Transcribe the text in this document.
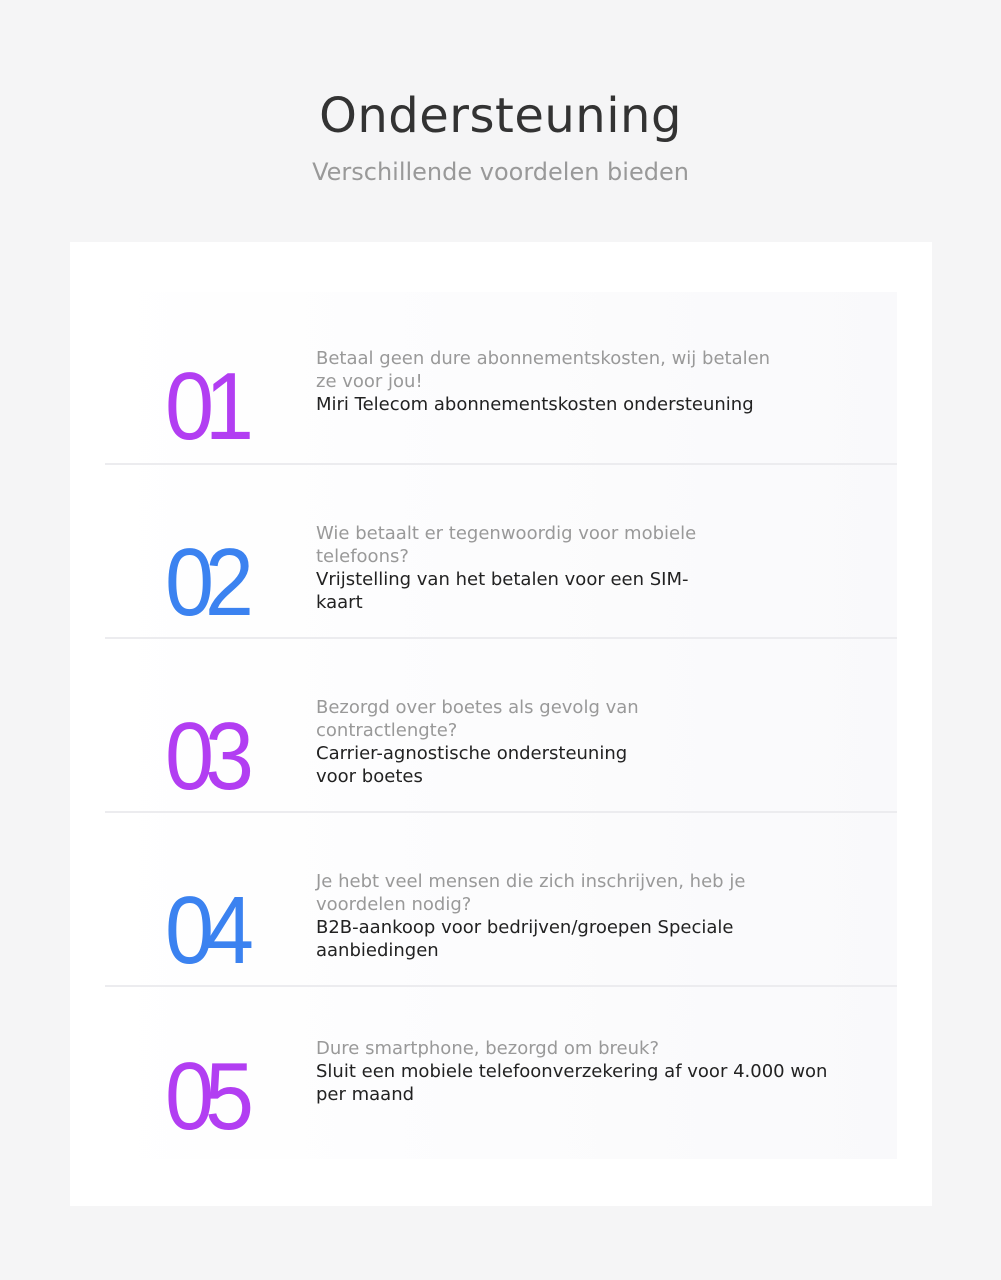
Ondersteuning
Verschillende voordelen bieden
01	Betaal geen dure abonnementskosten, wij betalen ze voor jou!
Miri Telecom abonnementskosten ondersteuning
02	Wie betaalt er tegenwoordig voor mobiele telefoons?
Vrijstelling van het betalen voor een SIM-kaart
03	Bezorgd over boetes als gevolg van contractlengte?
Carrier-agnostische ondersteuning voor boetes
04	Je hebt veel mensen die zich inschrijven, heb je voordelen nodig?
B2B-aankoop voor bedrijven/groepen Speciale aanbiedingen
05	Dure smartphone, bezorgd om breuk?
Sluit een mobiele telefoonverzekering af voor 4.000 won per maand
